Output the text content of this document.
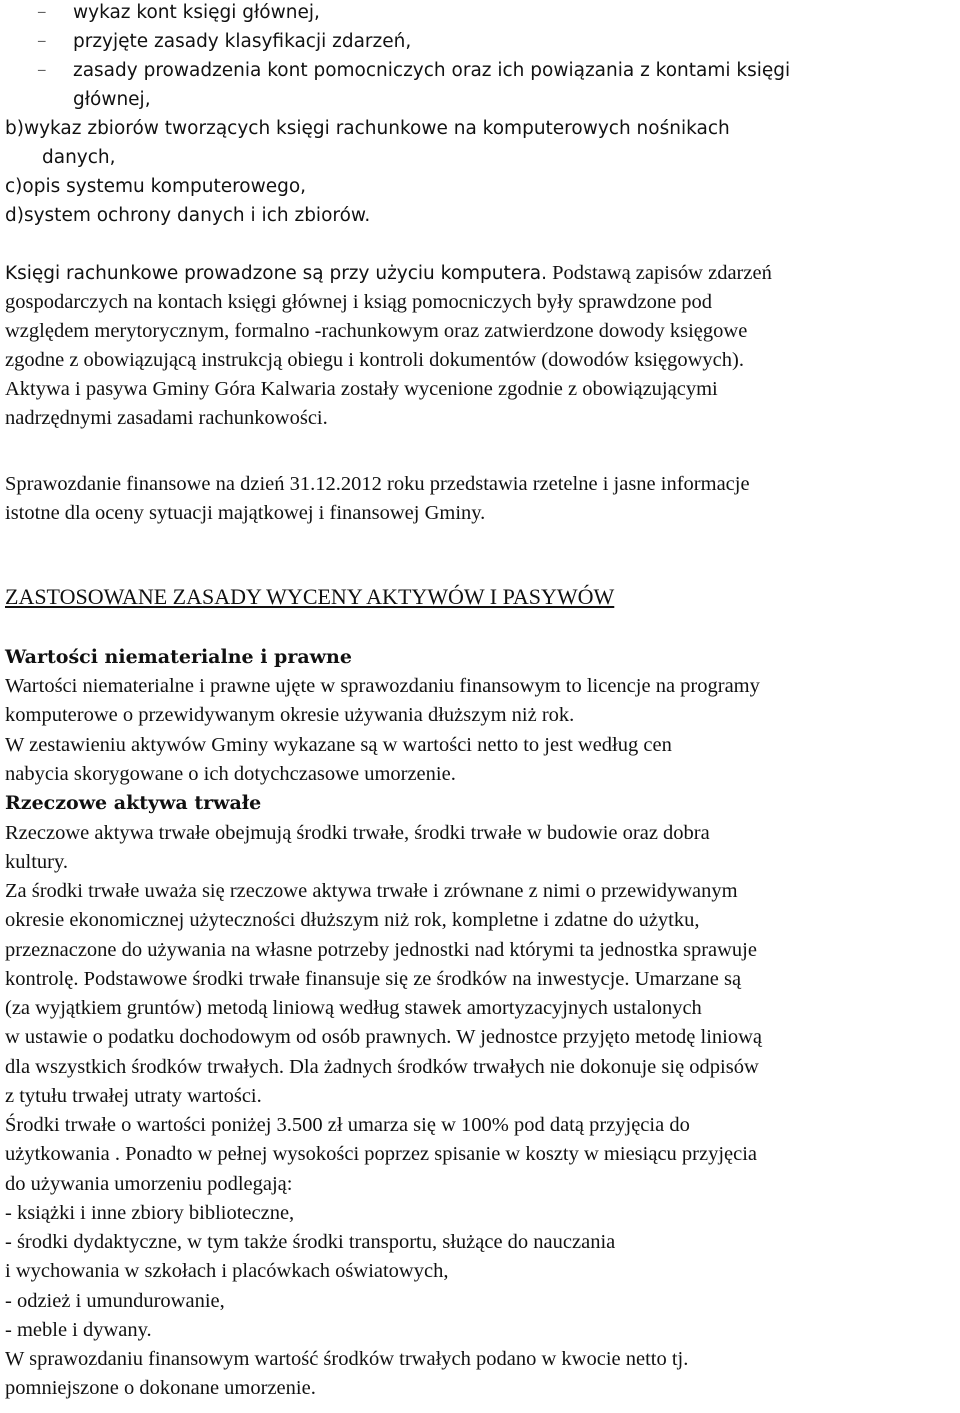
– wykaz kont księgi głównej,
– przyjęte zasady klasyfikacji zdarzeń,
– zasady prowadzenia kont pomocniczych oraz ich powiązania z kontami księgi
głównej,
b)wykaz zbiorów tworzących księgi rachunkowe na komputerowych nośnikach
danych,
c)opis systemu komputerowego,
d)system ochrony danych i ich zbiorów.
Księgi rachunkowe prowadzone są przy użyciu komputera. Podstawą zapisów zdarzeń
gospodarczych na kontach księgi głównej i ksiąg pomocniczych były sprawdzone pod
względem merytorycznym, formalno -rachunkowym oraz zatwierdzone dowody księgowe
zgodne z obowiązującą instrukcją obiegu i kontroli dokumentów (dowodów księgowych).
Aktywa i pasywa Gminy Góra Kalwaria zostały wycenione zgodnie z obowiązującymi
nadrzędnymi zasadami rachunkowości.
Sprawozdanie finansowe na dzień 31.12.2012 roku przedstawia rzetelne i jasne informacje
istotne dla oceny sytuacji majątkowej i finansowej Gminy.
ZASTOSOWANE ZASADY WYCENY AKTYWÓW I PASYWÓW
Wartości niematerialne i prawne
Wartości niematerialne i prawne ujęte w sprawozdaniu finansowym to licencje na programy
komputerowe o przewidywanym okresie używania dłuższym niż rok.
W zestawieniu aktywów Gminy wykazane są w wartości netto to jest według cen
nabycia skorygowane o ich dotychczasowe umorzenie.
Rzeczowe aktywa trwałe
Rzeczowe aktywa trwałe obejmują środki trwałe, środki trwałe w budowie oraz dobra
kultury.
Za środki trwałe uważa się rzeczowe aktywa trwałe i zrównane z nimi o przewidywanym
okresie ekonomicznej użyteczności dłuższym niż rok, kompletne i zdatne do użytku,
przeznaczone do używania na własne potrzeby jednostki nad którymi ta jednostka sprawuje
kontrolę. Podstawowe środki trwałe finansuje się ze środków na inwestycje. Umarzane są
(za wyjątkiem gruntów) metodą liniową według stawek amortyzacyjnych ustalonych
w ustawie o podatku dochodowym od osób prawnych. W jednostce przyjęto metodę liniową
dla wszystkich środków trwałych. Dla żadnych środków trwałych nie dokonuje się odpisów
z tytułu trwałej utraty wartości.
Środki trwałe o wartości poniżej 3.500 zł umarza się w 100% pod datą przyjęcia do
użytkowania . Ponadto w pełnej wysokości poprzez spisanie w koszty w miesiącu przyjęcia
do używania umorzeniu podlegają:
- książki i inne zbiory biblioteczne,
- środki dydaktyczne, w tym także środki transportu, służące do nauczania
i wychowania w szkołach i placówkach oświatowych,
- odzież i umundurowanie,
- meble i dywany.
W sprawozdaniu finansowym wartość środków trwałych podano w kwocie netto tj.
pomniejszone o dokonane umorzenie.
